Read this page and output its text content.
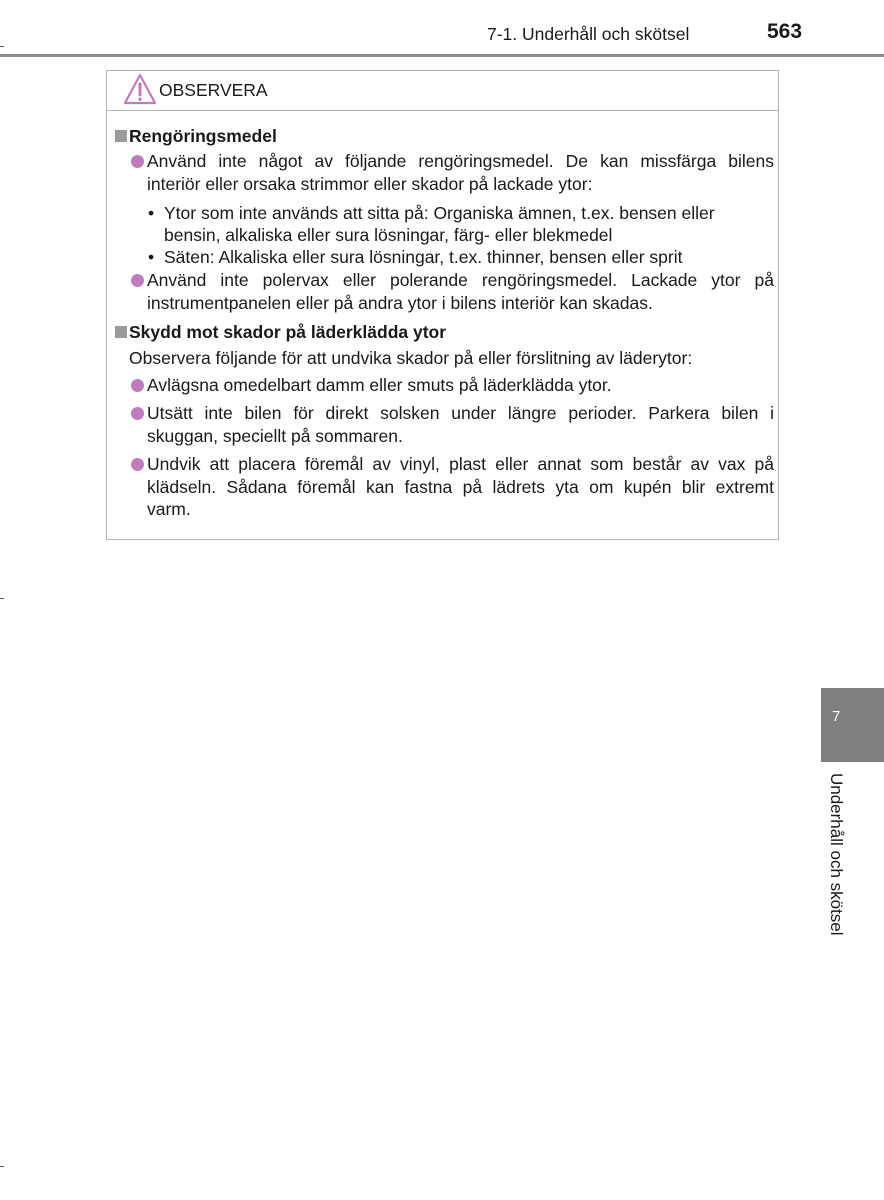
7-1. Underhåll och skötsel	563
OBSERVERA
Rengöringsmedel
Använd inte något av följande rengöringsmedel. De kan missfärga bilens
interiör eller orsaka strimmor eller skador på lackade ytor:
• Ytor som inte används att sitta på: Organiska ämnen, t.ex. bensen eller
bensin, alkaliska eller sura lösningar, färg- eller blekmedel
• Säten: Alkaliska eller sura lösningar, t.ex. thinner, bensen eller sprit
Använd inte polervax eller polerande rengöringsmedel. Lackade ytor på
instrumentpanelen eller på andra ytor i bilens interiör kan skadas.
Skydd mot skador på läderklädda ytor
Observera följande för att undvika skador på eller förslitning av läderytor:
Avlägsna omedelbart damm eller smuts på läderklädda ytor.
Utsätt inte bilen för direkt solsken under längre perioder. Parkera bilen i
skuggan, speciellt på sommaren.
Undvik att placera föremål av vinyl, plast eller annat som består av vax på
klädseln. Sådana föremål kan fastna på lädrets yta om kupén blir extremt
varm.
7
Underhåll och skötsel
